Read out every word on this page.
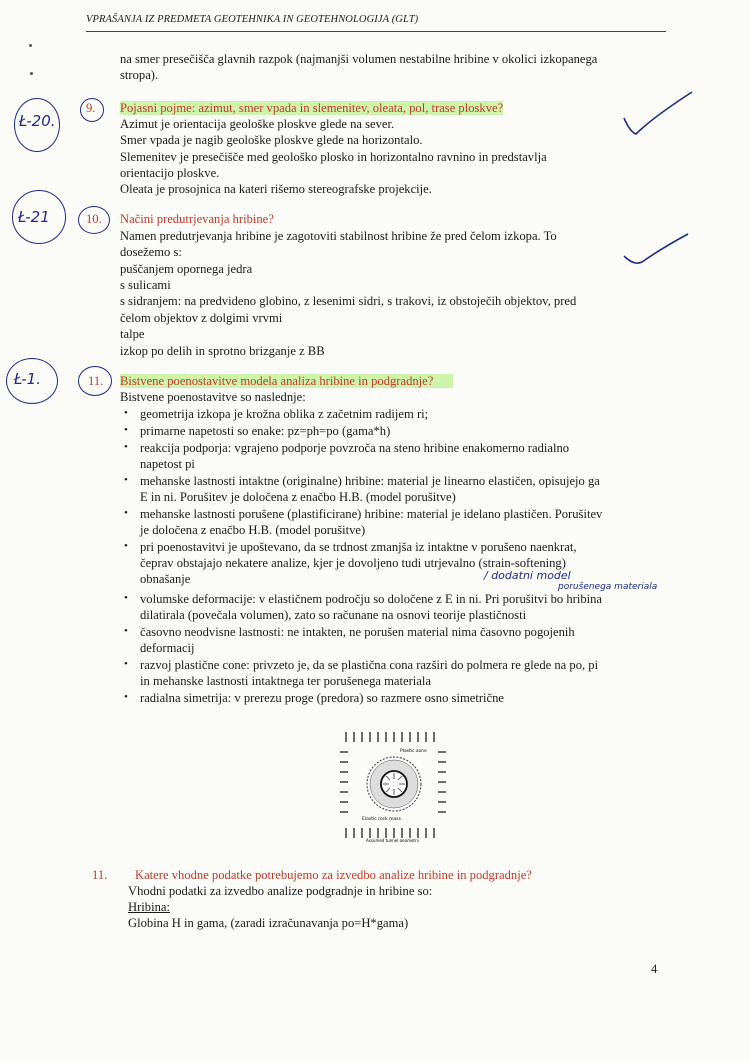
VPRAŠANJA IZ PREDMETA GEOTEHNIKA IN GEOTEHNOLOGIJA (GLT)
na smer presečišča glavnih razpok (najmanjši volumen nestabilne hribine v okolici izkopanega
stropa).
Ł-20.
9. Pojasni pojme: azimut, smer vpada in slemenitev, oleata, pol, trase ploskve?
Azimut je orientacija geološke ploskve glede na sever.
Smer vpada je nagib geološke ploskve glede na horizontalo.
Slemenitev je presečišče med geološko plosko in horizontalno ravnino in predstavlja
orientacijo ploskve.
Oleata je prosojnica na kateri rišemo stereografske projekcije.
Ł-21	10. Načini predutrjevanja hribine?
Namen predutrjevanja hribine je zagotoviti stabilnost hribine že pred čelom izkopa. To
dosežemo s:
puščanjem opornega jedra
s sulicami
s sidranjem: na predvideno globino, z lesenimi sidri, s trakovi, iz obstoječih objektov, pred
čelom objektov z dolgimi vrvmi
talpe
izkop po delih in sprotno brizganje z BB
Ł-1.	11. Bistvene poenostavitve modela analiza hribine in podgradnje?
Bistvene poenostavitve so naslednje:
• geometrija izkopa je krožna oblika z začetnim radijem ri;
• primarne napetosti so enake: pz=ph=po (gama*h)
• reakcija podporja: vgrajeno podporje povzroča na steno hribine enakomerno radialno
napetost pi
• mehanske lastnosti intaktne (originalne) hribine: material je linearno elastičen, opisujejo ga
E in ni. Porušitev je določena z enačbo H.B. (model porušitve)
• mehanske lastnosti porušene (plastificirane) hribine: material je idelano plastičen. Porušitev
je določena z enačbo H.B. (model porušitve)
• pri poenostavitvi je upoštevano, da se trdnost zmanjša iz intaktne v porušeno naenkrat,
čeprav obstajajo nekatere analize, kjer je dovoljeno tudi utrjevalno (strain-softening)
obnašanje	/ dodatni model
porušenega materiala
• volumske deformacije: v elastičnem področju so določene z E in ni. Pri porušitvi bo hribina
dilatirala (povečala volumen), zato so računane na osnovi teorije plastičnosti
• časovno neodvisne lastnosti: ne intakten, ne porušen material nima časovno pogojenih
deformacij
• razvoj plastične cone: privzeto je, da se plastična cona razširi do polmera re glede na po, pi
in mehanske lastnosti intaktnega ter porušenega materiala
• radialna simetrija: v prerezu proge (predora) so razmere osno simetrične
Plastic zone
Elastic rock mass
Assumed tunnel geometry
11. Katere vhodne podatke potrebujemo za izvedbo analize hribine in podgradnje?
Vhodni podatki za izvedbo analize podgradnje in hribine so:
Hribina:
Globina H in gama, (zaradi izračunavanja po=H*gama)
4
